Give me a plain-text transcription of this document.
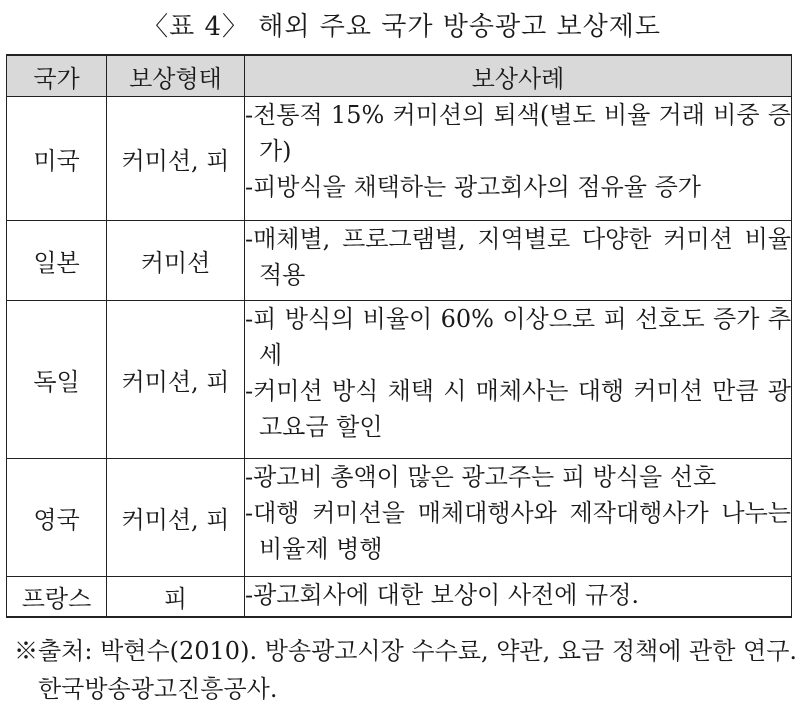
〈표 4〉 해외 주요 국가 방송광고 보상제도
국가	보상형태	보상사례
미국	커미션, 피	-전통적 15% 커미션의 퇴색(별도 비율 거래 비중 증가)
-피방식을 채택하는 광고회사의 점유율 증가

일본	커미션	-매체별, 프로그램별, 지역별로 다양한 커미션 비율 적용

독일	커미션, 피	-피 방식의 비율이 60% 이상으로 피 선호도 증가 추세
-커미션 방식 채택 시 매체사는 대행 커미션 만큼 광고요금 할인

영국	커미션, 피	-광고비 총액이 많은 광고주는 피 방식을 선호
-대행 커미션을 매체대행사와 제작대행사가 나누는 비율제 병행

프랑스	피	-광고회사에 대한 보상이 사전에 규정.
※출처: 박현수(2010). 방송광고시장 수수료, 약관, 요금 정책에 관한 연구. 한국방송광고진흥공사.
